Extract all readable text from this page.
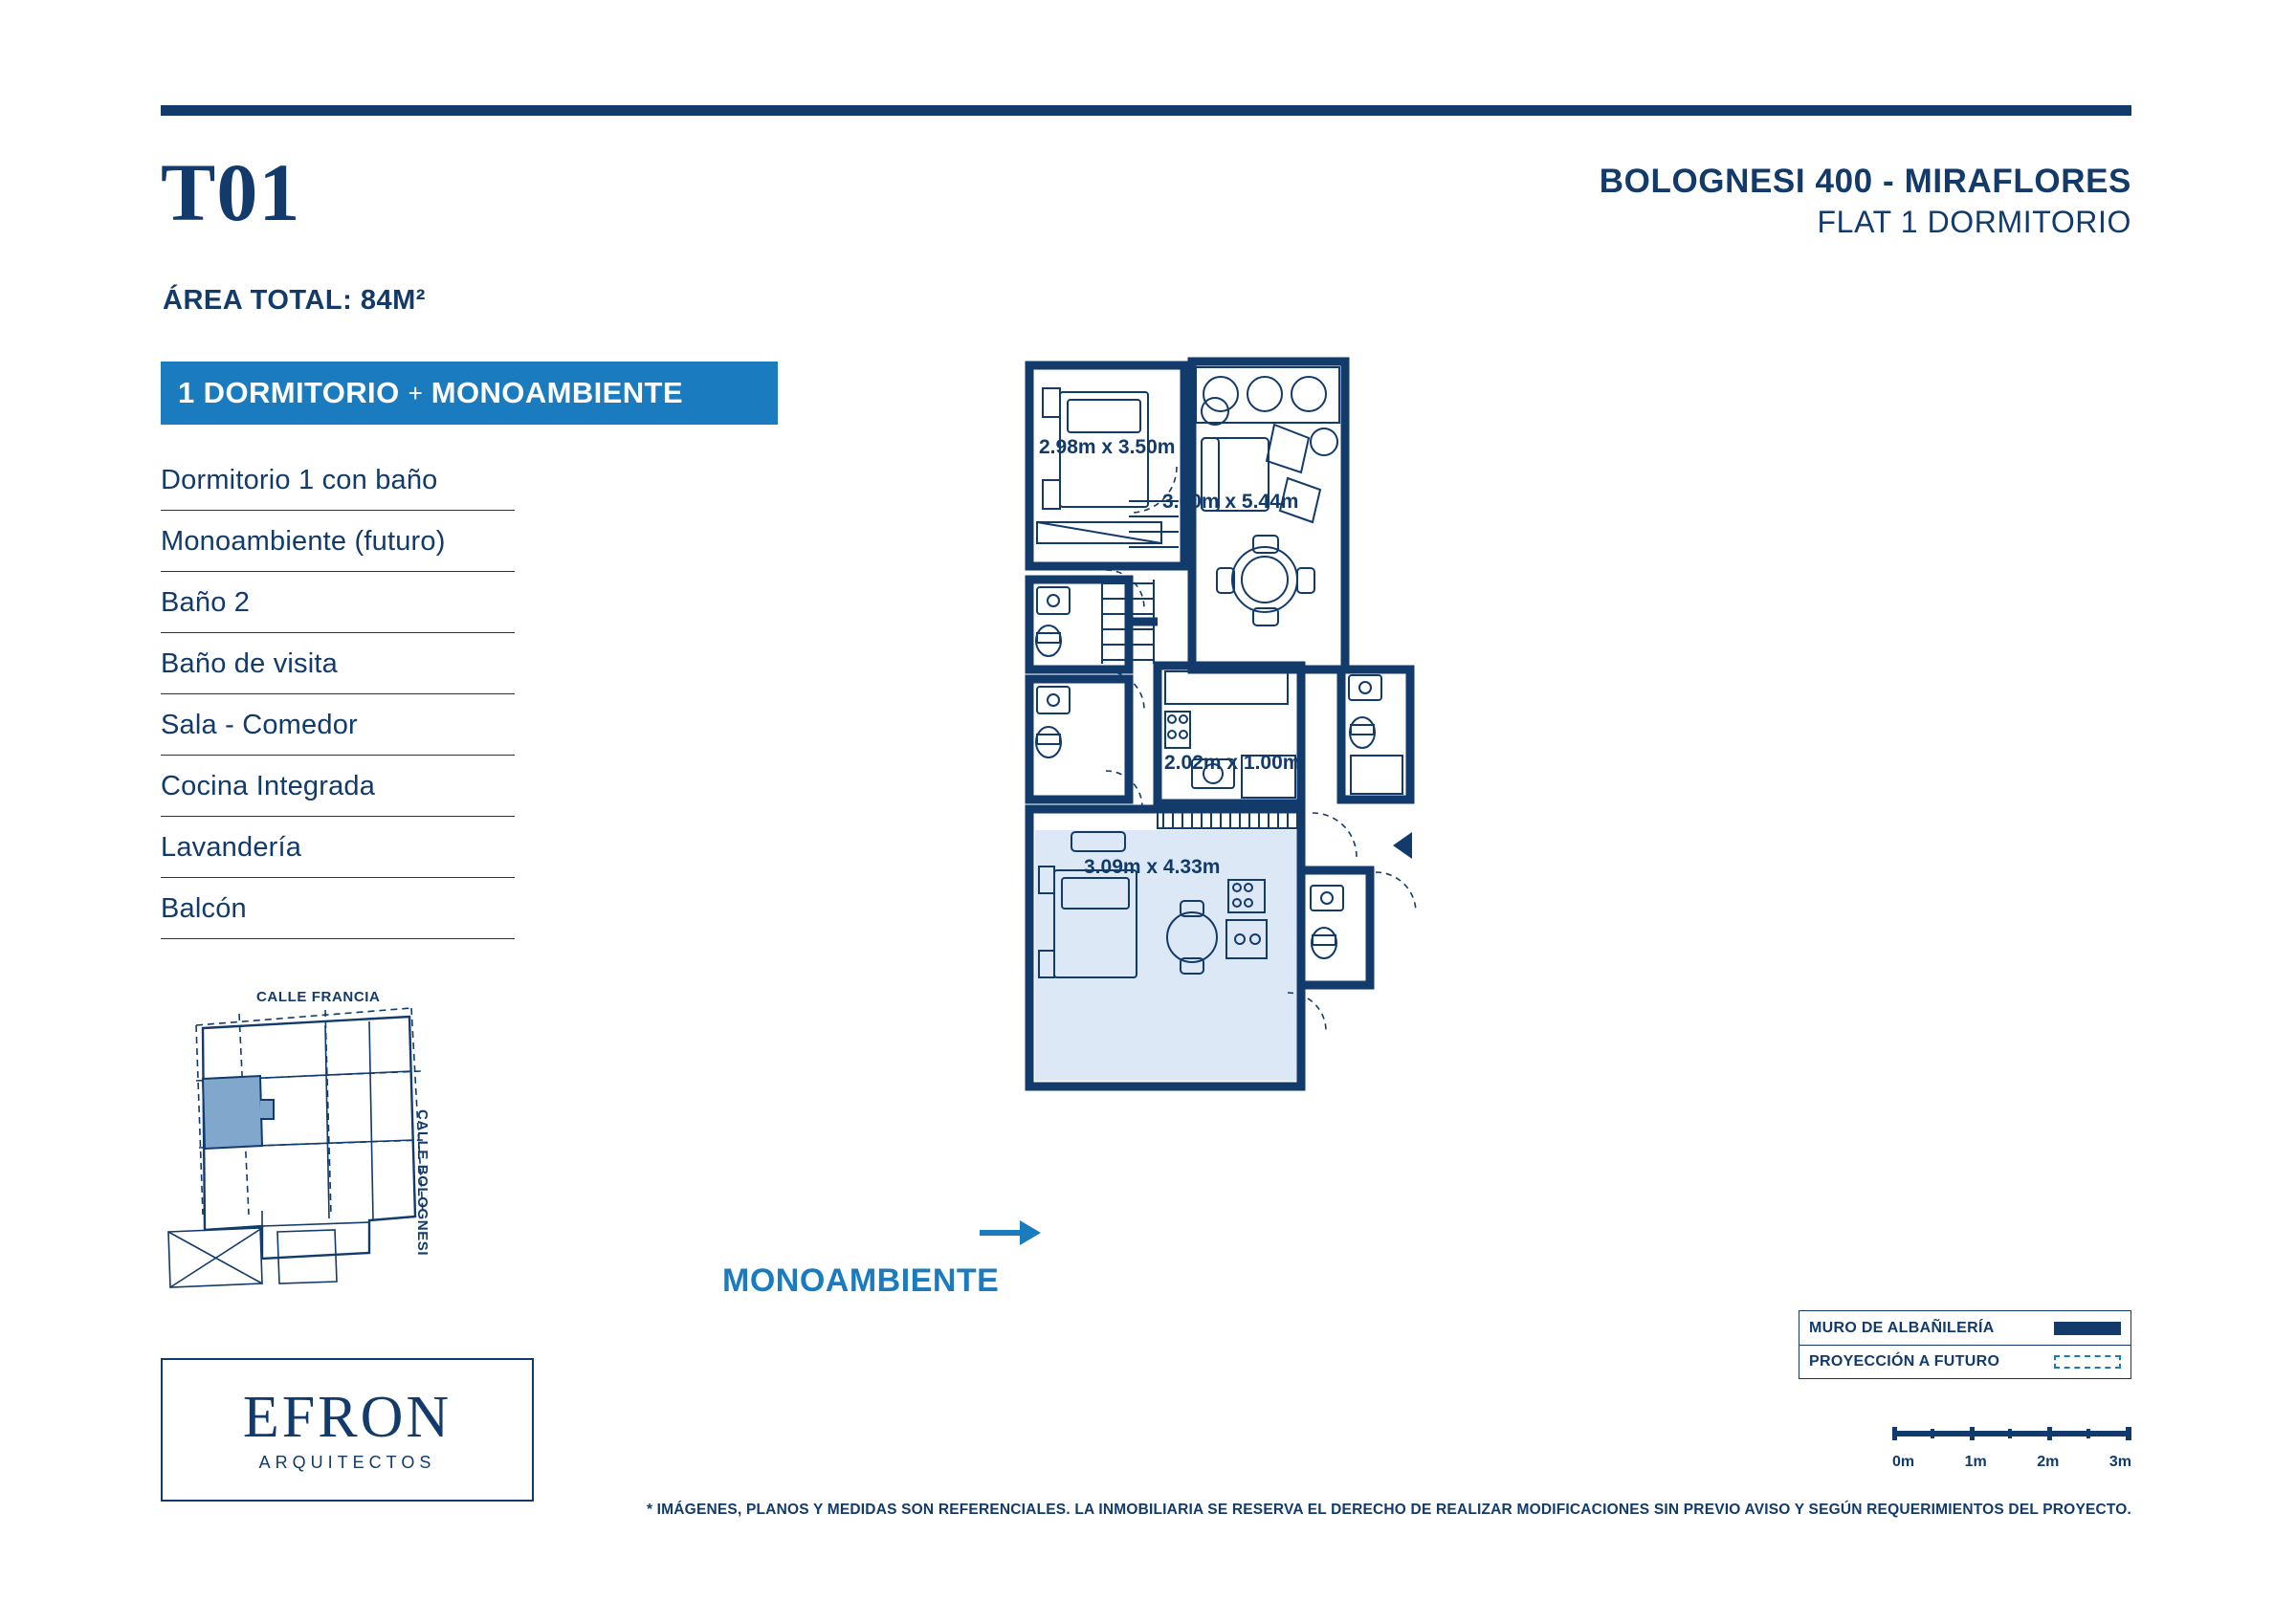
T01
ÁREA TOTAL: 84M²
1 DORMITORIO + MONOAMBIENTE
Dormitorio 1 con baño
Monoambiente (futuro)
Baño 2
Baño de visita
Sala - Comedor
Cocina Integrada
Lavandería
Balcón
CALLE FRANCIA
CALLE BOLOGNESI
EFRON
ARQUITECTOS
BOLOGNESI 400 - MIRAFLORES
FLAT 1 DORMITORIO
2.98m x 3.50m
3.00m x 5.44m
2.02m x 1.00m
3.09m x 4.33m
MONOAMBIENTE
MURO DE ALBAÑILERÍA
PROYECCIÓN A FUTURO
0m	1m	2m	3m
* IMÁGENES, PLANOS Y MEDIDAS SON REFERENCIALES. LA INMOBILIARIA SE RESERVA EL DERECHO DE REALIZAR MODIFICACIONES SIN PREVIO AVISO Y SEGÚN REQUERIMIENTOS DEL PROYECTO.
